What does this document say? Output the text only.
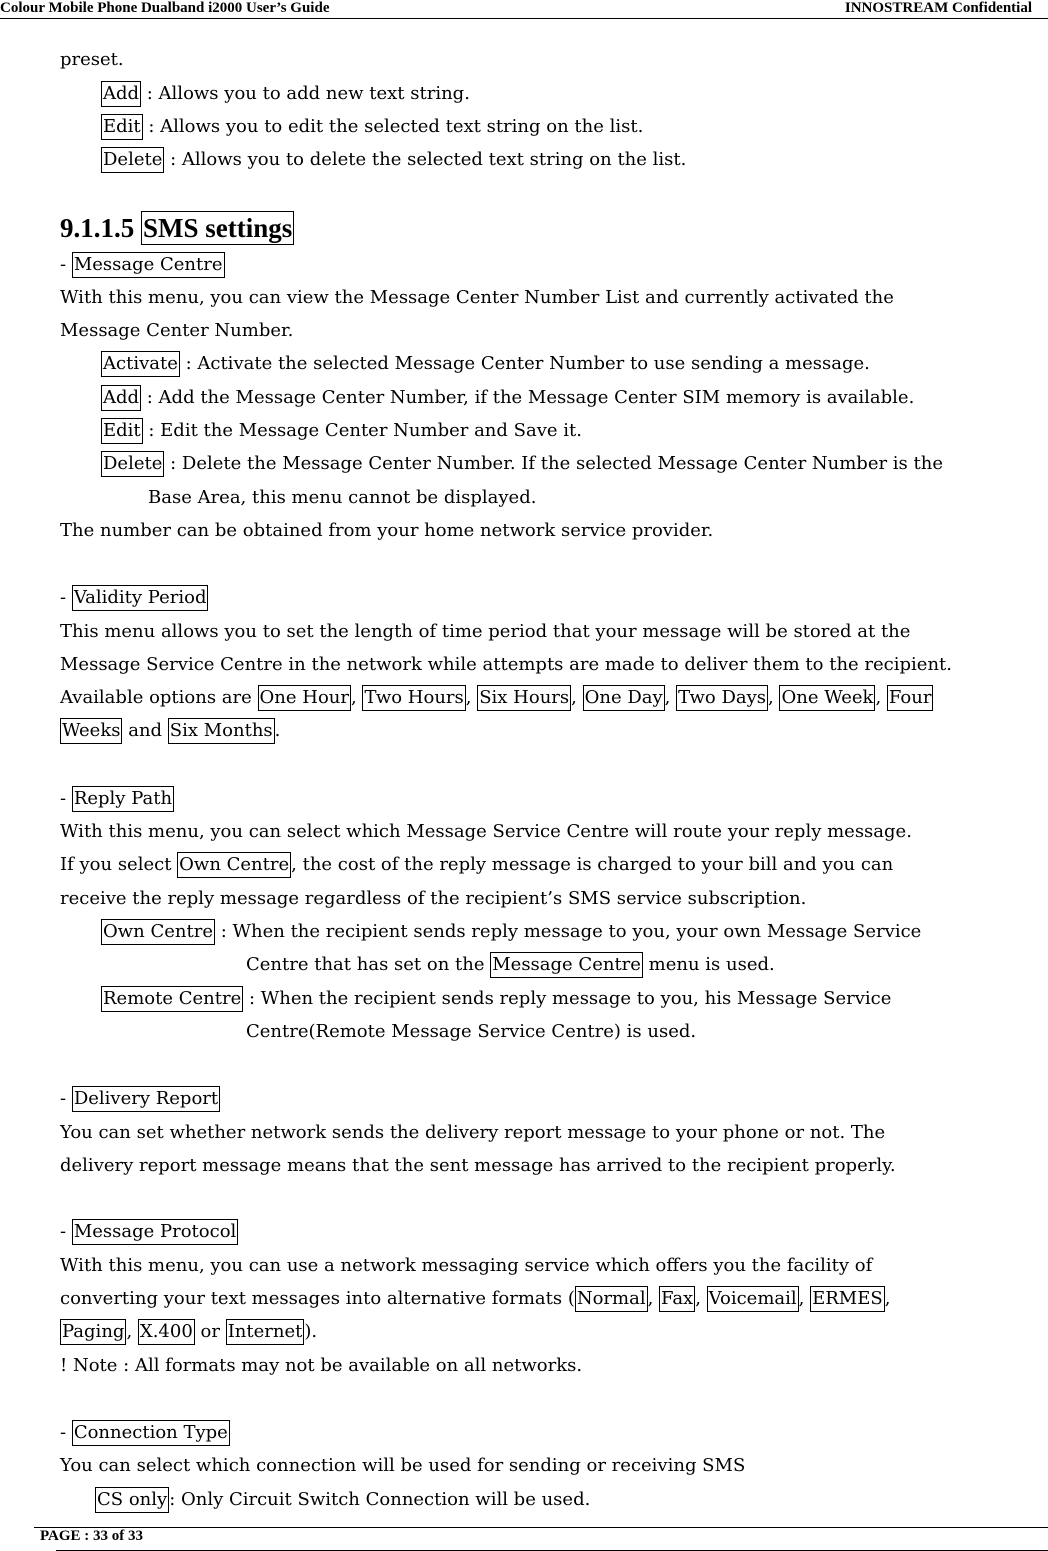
Colour Mobile Phone Dualband i2000 User’s Guide	INNOSTREAM Confidential
preset.
Add : Allows you to add new text string.
Edit : Allows you to edit the selected text string on the list.
Delete : Allows you to delete the selected text string on the list.
9.1.1.5 SMS settings
- Message Centre
With this menu, you can view the Message Center Number List and currently activated the
Message Center Number.
Activate : Activate the selected Message Center Number to use sending a message.
Add : Add the Message Center Number, if the Message Center SIM memory is available.
Edit : Edit the Message Center Number and Save it.
Delete : Delete the Message Center Number. If the selected Message Center Number is the
Base Area, this menu cannot be displayed.
The number can be obtained from your home network service provider.
- Validity Period
This menu allows you to set the length of time period that your message will be stored at the
Message Service Centre in the network while attempts are made to deliver them to the recipient.
Available options are One Hour , Two Hours , Six Hours , One Day , Two Days , One Week , Four
Weeks and Six Months .
- Reply Path
With this menu, you can select which Message Service Centre will route your reply message.
If you select Own Centre , the cost of the reply message is charged to your bill and you can
receive the reply message regardless of the recipient’s SMS service subscription.
Own Centre : When the recipient sends reply message to you, your own Message Service
Centre that has set on the Message Centre menu is used.
Remote Centre : When the recipient sends reply message to you, his Message Service
Centre(Remote Message Service Centre) is used.
- Delivery Report
You can set whether network sends the delivery report message to your phone or not. The
delivery report message means that the sent message has arrived to the recipient properly.
- Message Protocol
With this menu, you can use a network messaging service which offers you the facility of
converting your text messages into alternative formats ( Normal , Fax , Voicemail , ERMES ,
Paging , X.400 or Internet ).
! Note : All formats may not be available on all networks.
- Connection Type
You can select which connection will be used for sending or receiving SMS
CS only: Only Circuit Switch Connection will be used.
PAGE : 33 of 33
